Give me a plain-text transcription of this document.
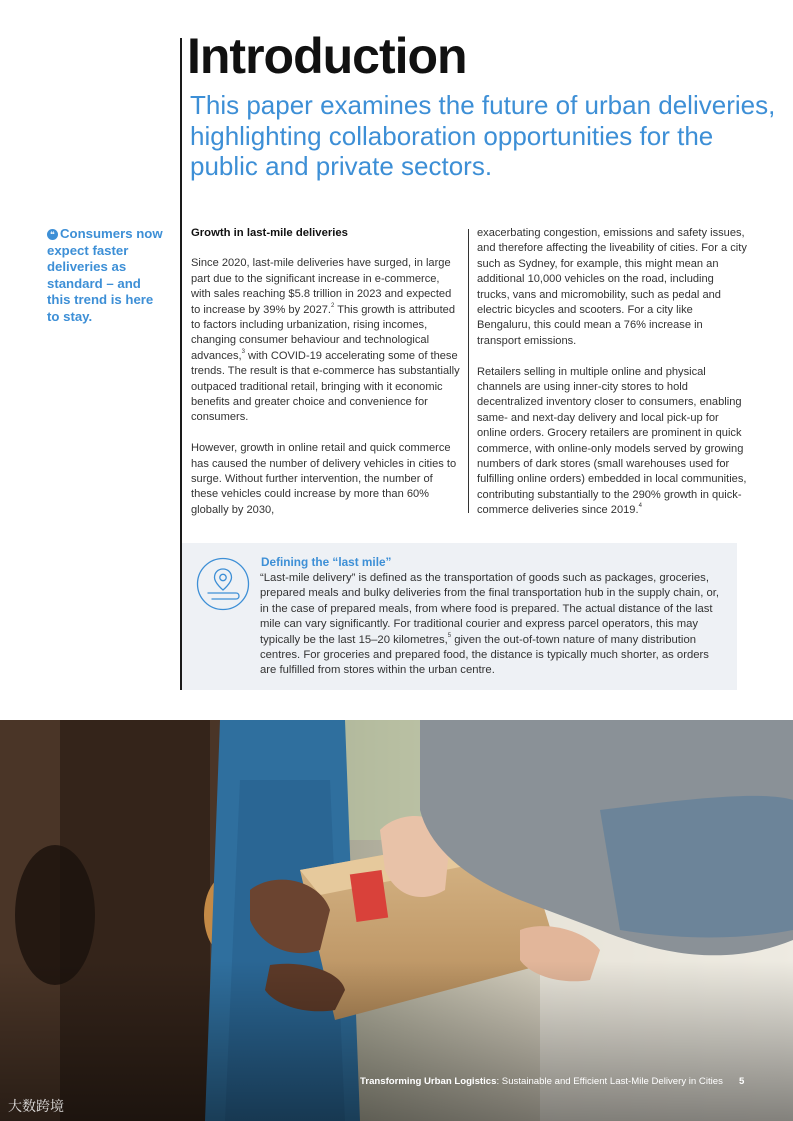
Introduction
This paper examines the future of urban deliveries, highlighting collaboration opportunities for the public and private sectors.
❝ Consumers now expect faster deliveries as standard – and this trend is here to stay.
Growth in last-mile deliveries

Since 2020, last-mile deliveries have surged, in large part due to the significant increase in e-commerce, with sales reaching $5.8 trillion in 2023 and expected to increase by 39% by 2027.$^2$ This growth is attributed to factors including urbanization, rising incomes, changing consumer behaviour and technological advances,$^3$ with COVID-19 accelerating some of these trends. The result is that e-commerce has substantially outpaced traditional retail, bringing with it economic benefits and greater choice and convenience for consumers.

However, growth in online retail and quick commerce has caused the number of delivery vehicles in cities to surge. Without further intervention, the number of these vehicles could increase by more than 60% globally by 2030,

exacerbating congestion, emissions and safety issues, and therefore affecting the liveability of cities. For a city such as Sydney, for example, this might mean an additional 10,000 vehicles on the road, including trucks, vans and micromobility, such as pedal and electric bicycles and scooters. For a city like Bengaluru, this could mean a 76% increase in transport emissions.

Retailers selling in multiple online and physical channels are using inner-city stores to hold decentralized inventory closer to consumers, enabling same- and next-day delivery and local pick-up for online orders. Grocery retailers are prominent in quick commerce, with online-only models served by growing numbers of dark stores (small warehouses used for fulfilling online orders) embedded in local communities, contributing substantially to the 290% growth in quick-commerce deliveries since 2019.$^4$

Defining the “last mile”

“Last-mile delivery” is defined as the transportation of goods such as packages, groceries, prepared meals and bulky deliveries from the final transportation hub in the supply chain, or, in the case of prepared meals, from where food is prepared. The actual distance of the last mile can vary significantly. For traditional courier and express parcel operators, this may typically be the last 15–20 kilometres,$^5$ given the out-of-town nature of many distribution centres. For groceries and prepared food, the distance is typically much shorter, as orders are fulfilled from stores within the urban centre.

Transforming Urban Logistics: Sustainable and Efficient Last-Mile Delivery in Cities 5
大数跨境
